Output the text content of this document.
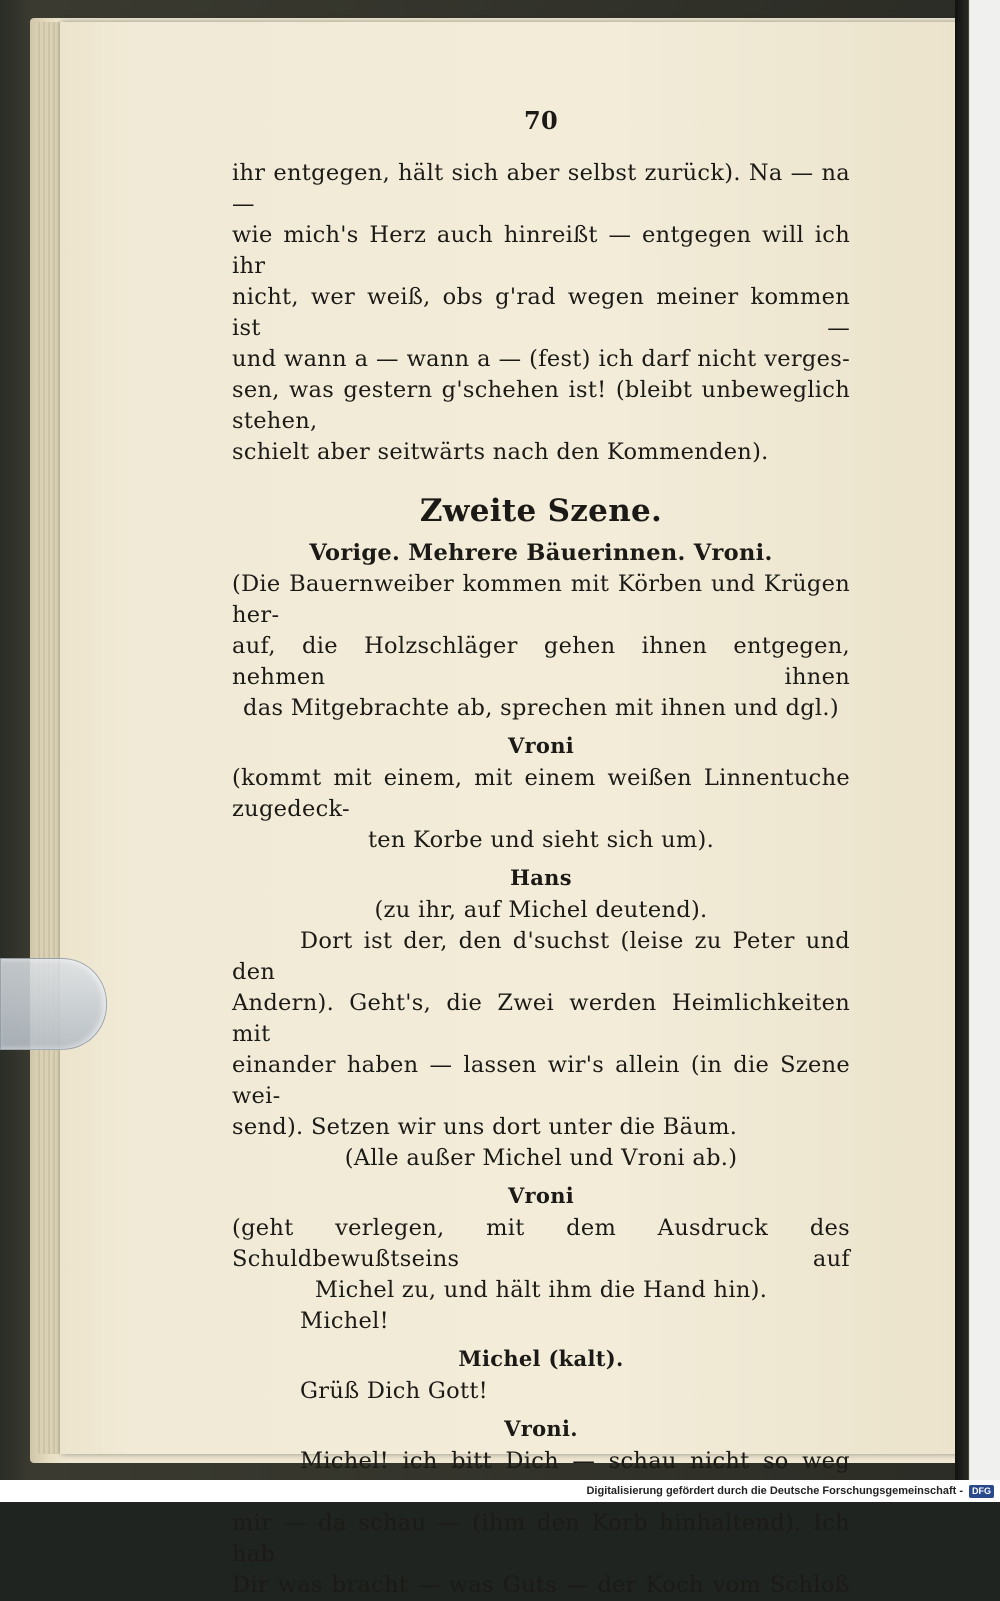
70

ihr entgegen, hält sich aber selbst zurück). Na — na —

wie mich's Herz auch hinreißt — entgegen will ich ihr

nicht, wer weiß, obs g'rad wegen meiner kommen ist —

und wann a — wann a — (fest) ich darf nicht verges-

sen, was gestern g'schehen ist! (bleibt unbeweglich stehen,

schielt aber seitwärts nach den Kommenden).

Zweite Szene.

Vorige. Mehrere Bäuerinnen. Vroni.

(Die Bauernweiber kommen mit Körben und Krügen her-

auf, die Holzschläger gehen ihnen entgegen, nehmen ihnen

das Mitgebrachte ab, sprechen mit ihnen und dgl.)

Vroni

(kommt mit einem, mit einem weißen Linnentuche zugedeck-

ten Korbe und sieht sich um).

Hans

(zu ihr, auf Michel deutend).

Dort ist der, den d'suchst (leise zu Peter und den

Andern). Geht's, die Zwei werden Heimlichkeiten mit

einander haben — lassen wir's allein (in die Szene wei-

send). Setzen wir uns dort unter die Bäum.

(Alle außer Michel und Vroni ab.)

Vroni

(geht verlegen, mit dem Ausdruck des Schuldbewußtseins auf

Michel zu, und hält ihm die Hand hin).

Michel!

Michel (kalt).

Grüß Dich Gott!

Vroni.

Michel! ich bitt Dich — schau nicht so weg

mir — da schau — (ihm den Korb hinhaltend). Ich hab

Dir was bracht — was Guts — der Koch vom Schloß

Digitalisierung gefördert durch die Deutsche Forschungsgemeinschaft - DFG
